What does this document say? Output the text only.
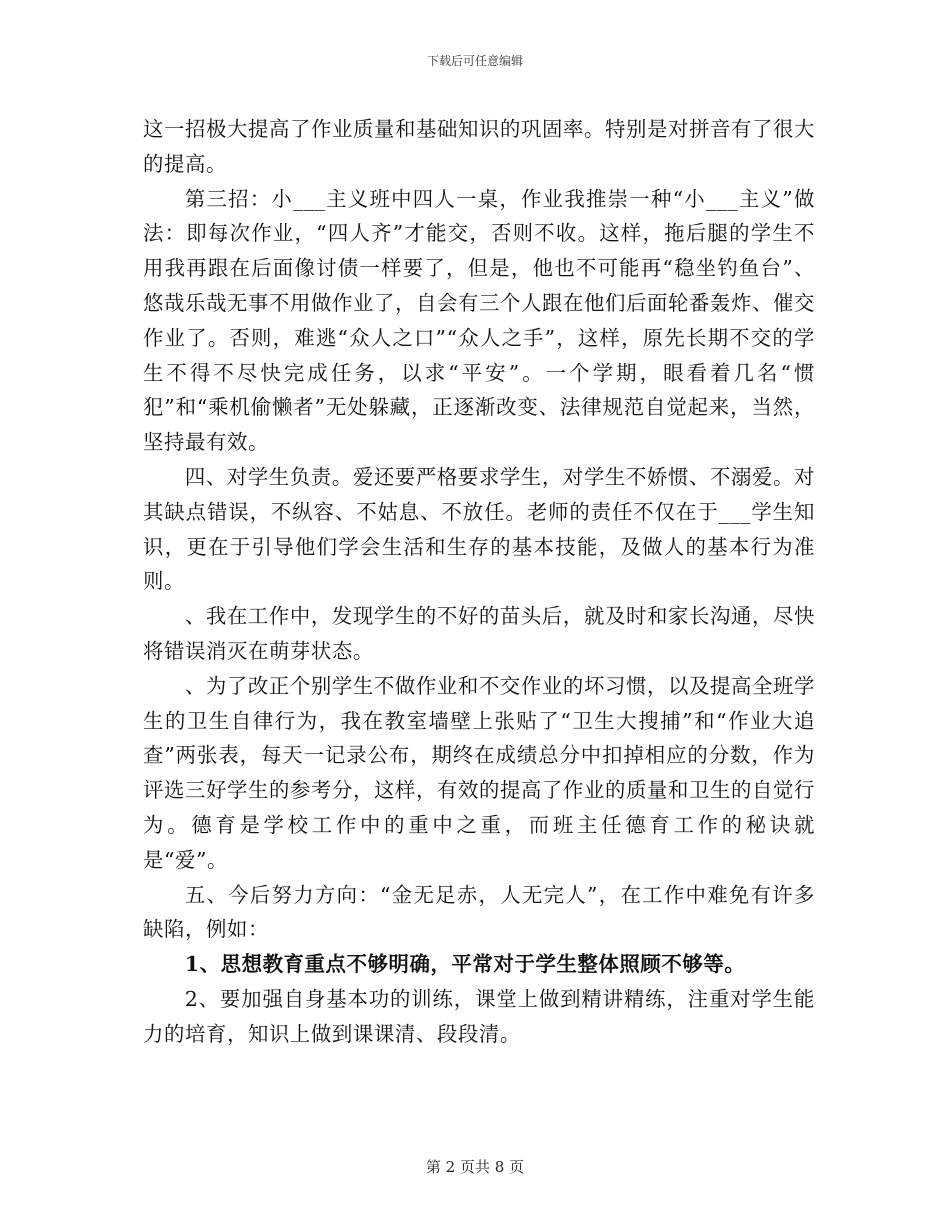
下载后可任意编辑

这一招极大提高了作业质量和基础知识的巩固率。特别是对拼音有了很大的提高。

第三招：小___主义班中四人一桌，作业我推崇一种“小___主义”做法：即每次作业，“四人齐”才能交，否则不收。这样，拖后腿的学生不用我再跟在后面像讨债一样要了，但是，他也不可能再“稳坐钓鱼台”、悠哉乐哉无事不用做作业了，自会有三个人跟在他们后面轮番轰炸、催交作业了。否则，难逃“众人之口”“众人之手”，这样，原先长期不交的学生不得不尽快完成任务，以求“平安”。一个学期，眼看着几名“惯犯”和“乘机偷懒者”无处躲藏，正逐渐改变、法律规范自觉起来，当然，坚持最有效。

四、对学生负责。爱还要严格要求学生，对学生不娇惯、不溺爱。对其缺点错误，不纵容、不姑息、不放任。老师的责任不仅在于___学生知识，更在于引导他们学会生活和生存的基本技能，及做人的基本行为准则。

、我在工作中，发现学生的不好的苗头后，就及时和家长沟通，尽快将错误消灭在萌芽状态。

、为了改正个别学生不做作业和不交作业的坏习惯，以及提高全班学生的卫生自律行为，我在教室墙壁上张贴了“卫生大搜捕”和“作业大追查”两张表，每天一记录公布，期终在成绩总分中扣掉相应的分数，作为评选三好学生的参考分，这样，有效的提高了作业的质量和卫生的自觉行为。德育是学校工作中的重中之重，而班主任德育工作的秘诀就是“爱”。

五、今后努力方向：“金无足赤，人无完人”，在工作中难免有许多缺陷，例如：

1、思想教育重点不够明确，平常对于学生整体照顾不够等。

2、要加强自身基本功的训练，课堂上做到精讲精练，注重对学生能力的培育，知识上做到课课清、段段清。

第 2 页共 8 页
